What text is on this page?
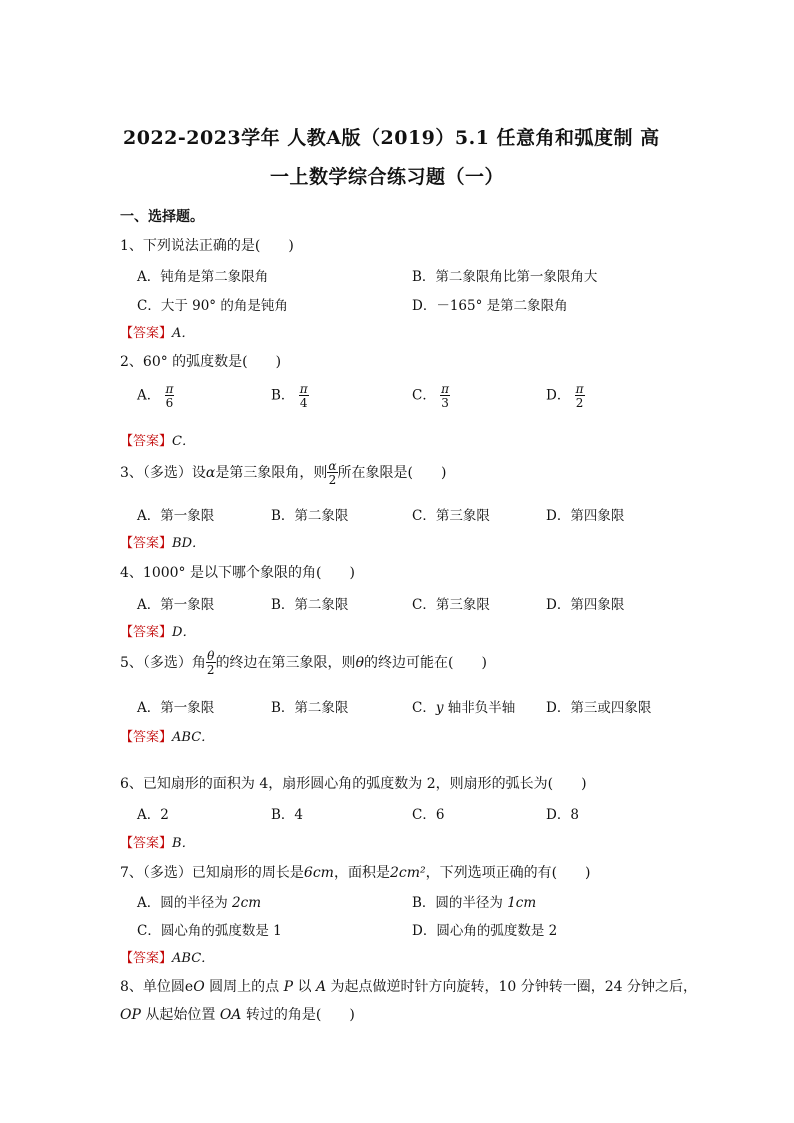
2022-2023学年 人教A版（2019）5.1 任意角和弧度制 高
一上数学综合练习题（一）
一、选择题。
1、下列说法正确的是(　　)
A．钝角是第二象限角	B．第二象限角比第一象限角大
C．大于 90° 的角是钝角	D．－165° 是第二象限角
【答案】A．
2、60° 的弧度数是(　　)
A． $\frac{\pi}{6}$	B． $\frac{\pi}{4}$	C． $\frac{\pi}{3}$	D． $\frac{\pi}{2}$
【答案】C．
3、（多选）设α是第三象限角，则 $\frac{\alpha}{2}$ 所在象限是(　　)
A．第一象限	B．第二象限	C．第三象限	D．第四象限
【答案】BD．
4、1000° 是以下哪个象限的角(　　)
A．第一象限	B．第二象限	C．第三象限	D．第四象限
【答案】D．
5、（多选）角 $\frac{\theta}{2}$ 的终边在第三象限，则θ的终边可能在(　　)
A．第一象限	B．第二象限	C．y 轴非负半轴 D．第三或四象限
【答案】ABC．
6、已知扇形的面积为 4，扇形圆心角的弧度数为 2，则扇形的弧长为(　　)
A．2	B．4	C．6	D．8
【答案】B．
7、（多选）已知扇形的周长是6cm，面积是2cm²，下列选项正确的有(　　)
A．圆的半径为 2cm	B．圆的半径为 1cm
C．圆心角的弧度数是 1	D．圆心角的弧度数是 2
【答案】ABC．
8、单位圆eO 圆周上的点 P 以 A 为起点做逆时针方向旋转，10 分钟转一圈，24 分钟之后，
OP 从起始位置 OA 转过的角是(　　)
